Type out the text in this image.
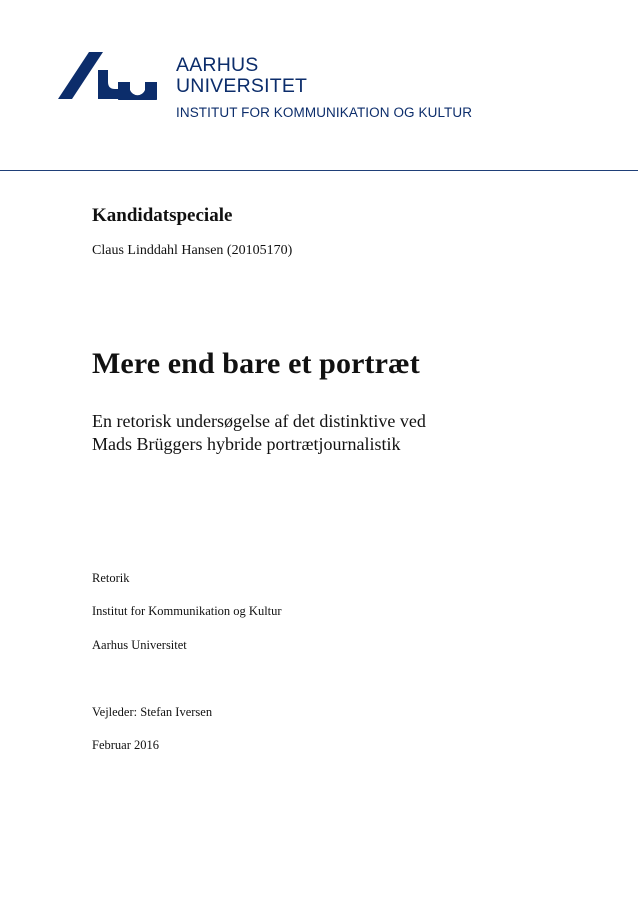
AARHUS
UNIVERSITET
INSTITUT FOR KOMMUNIKATION OG KULTUR
Kandidatspeciale
Claus Linddahl Hansen (20105170)
Mere end bare et portræt
En retorisk undersøgelse af det distinktive ved
Mads Brüggers hybride portrætjournalistik
Retorik
Institut for Kommunikation og Kultur
Aarhus Universitet
Vejleder: Stefan Iversen
Februar 2016
